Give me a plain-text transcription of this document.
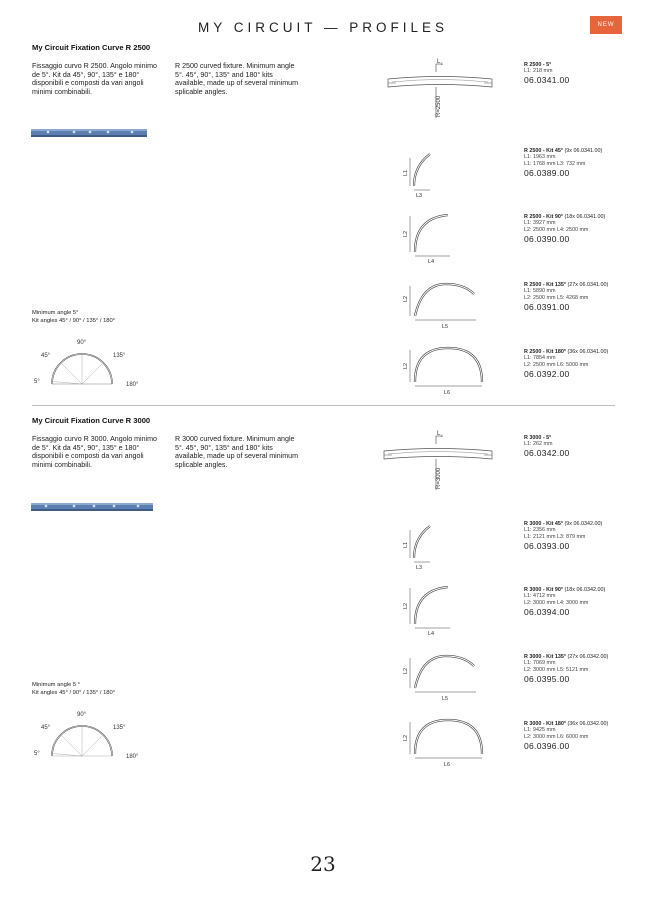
MY CIRCUIT — PROFILES	NEW
My Circuit Fixation Curve R 2500
Fissaggio curvo R 2500. Angolo minimo de 5°. Kit da 45°, 90°, 135° e 180° disponibili e composti da vari angoli minimi combinabili.
R 2500 curved fixture. Minimum angle 5°. 45°, 90°, 135° and 180° kits available, made up of several minimum splicable angles.
L 1
R=2500
R 2500 - 5°
L1: 218 mm
06.0341.00
R 2500 - Kit 45° (9x 06.0341.00)
L1: 1963 mm
L1: 1768 mm L3: 732 mm
06.0389.00
R 2500 - Kit 90° (18x 06.0341.00)
L1: 3927 mm
L2: 2500 mm L4: 2500 mm
06.0390.00
R 2500 - Kit 135° (27x 06.0341.00)
L1: 5890 mm
L2: 2500 mm L5: 4268 mm
06.0391.00
R 2500 - Kit 180° (36x 06.0341.00)
L1: 7854 mm
L2: 2500 mm L6: 5000 mm
06.0392.00
L1
L3
L2
L4
L2
L5
L2
L6
Minimum angle 5°
Kit angles 45° / 90° / 135° / 180°
5°
45°
90°
135°
180°
My Circuit Fixation Curve R 3000
Fissaggio curvo R 3000. Angolo minimo de 5°. Kit da 45°, 90°, 135° e 180° disponibili e composti da vari angoli minimi combinabili.
R 3000 curved fixture. Minimum angle 5°. 45°, 90°, 135° and 180° kits available, made up of several minimum splicable angles.
L 1
R=3000
R 3000 - 5°
L1: 262 mm
06.0342.00
R 3000 - Kit 45° (9x 06.0342.00)
L1: 2356 mm
L1: 2121 mm L3: 879 mm
06.0393.00
R 3000 - Kit 90° (18x 06.0342.00)
L1: 4712 mm
L2: 3000 mm L4: 3000 mm
06.0394.00
R 3000 - Kit 135° (27x 06.0342.00)
L1: 7069 mm
L2: 3000 mm L5: 5121 mm
06.0395.00
R 3000 - Kit 180° (36x 06.0342.00)
L1: 9425 mm
L2: 3000 mm L6: 6000 mm
06.0396.00
L1
L3
L2
L4
L2
L5
L2
L6
Minimum angle 5 °
Kit angles 45° / 90° / 135° / 180°
5°
45°
90°
135°
180°
23
